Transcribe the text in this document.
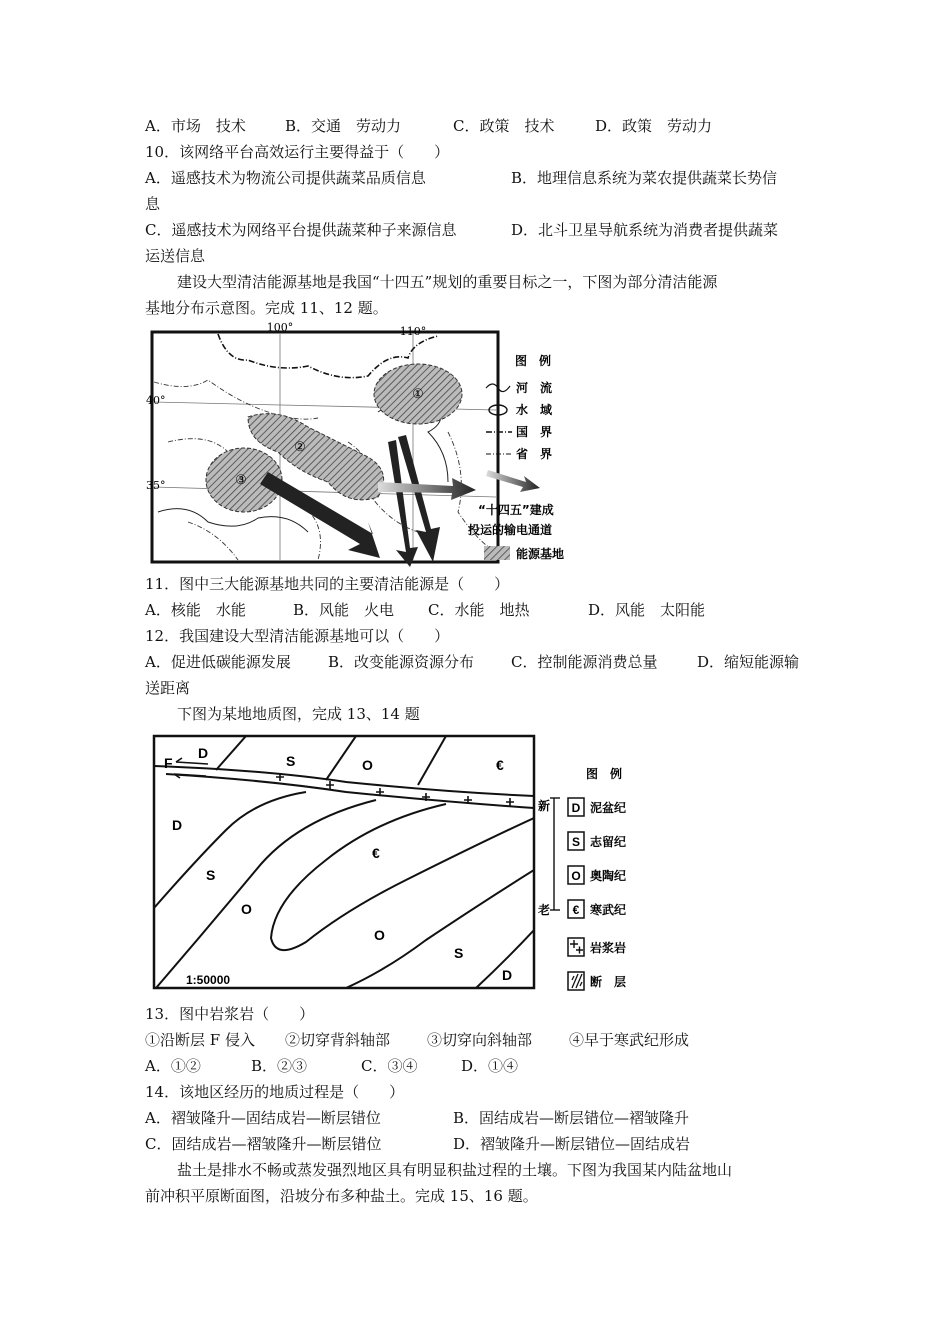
A．市场　技术	B．交通　劳动力	C．政策　技术	D．政策　劳动力
10．该网络平台高效运行主要得益于（　　）
A．遥感技术为物流公司提供蔬菜品质信息	B．地理信息系统为菜农提供蔬菜长势信
息
C．遥感技术为网络平台提供蔬菜种子来源信息	D．北斗卫星导航系统为消费者提供蔬菜
运送信息
建设大型清洁能源基地是我国“十四五”规划的重要目标之一，下图为部分清洁能源
基地分布示意图。完成 11、12 题。
100°	110°
40°
35°
①
②
③
图　例
河　流
水　域
国　界
省　界
“十四五”建成
投运的输电通道
能源基地
11．图中三大能源基地共同的主要清洁能源是（　　）
A．核能　水能	B．风能　火电 C．水能　地热	D．风能　太阳能
12．我国建设大型清洁能源基地可以（　　）
A．促进低碳能源发展 B．改变能源资源分布 C．控制能源消费总量	D．缩短能源输
送距离
下图为某地地质图，完成 13、14 题
F
D	S	O	€
D
€
S
O
O
S
D
1:50000
图　例
新
老
D 泥盆纪
S 志留纪
O 奥陶纪
€ 寒武纪
岩浆岩
断　层
13．图中岩浆岩（　　）
①沿断层 F 侵入 ②切穿背斜轴部 ③切穿向斜轴部 ④早于寒武纪形成
A．①②	B．②③	C．③④	D．①④
14．该地区经历的地质过程是（　　）
A．褶皱隆升—固结成岩—断层错位	B．固结成岩—断层错位—褶皱隆升
C．固结成岩—褶皱隆升—断层错位	D．褶皱隆升—断层错位—固结成岩
盐土是排水不畅或蒸发强烈地区具有明显积盐过程的土壤。下图为我国某内陆盆地山
前冲积平原断面图，沿坡分布多种盐土。完成 15、16 题。
